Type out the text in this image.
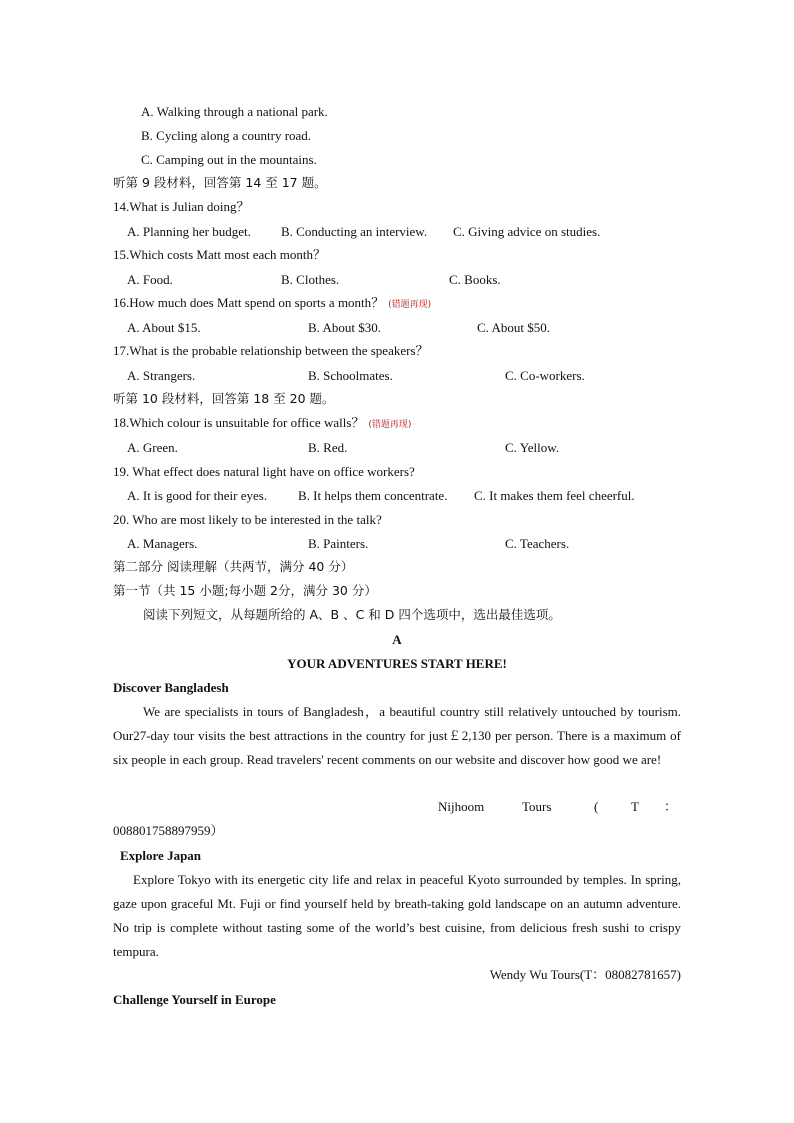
A. Walking through a national park.
B. Cycling along a country road.
C. Camping out in the mountains.
听第 9 段材料，回答第 14 至 17 题。
14.What is Julian doing？
A. Planning her budget. B. Conducting an interview. C. Giving advice on studies.
15.Which costs Matt most each month？
A. Food.	B. Clothes.	C. Books.
16.How much does Matt spend on sports a month？ (错题再现)
A. About $15.	B. About $30.	C. About $50.
17.What is the probable relationship between the speakers？
A. Strangers.	B. Schoolmates.	C. Co-workers.
听第 10 段材料，回答第 18 至 20 题。
18.Which colour is unsuitable for office walls？ (错题再现)
A. Green.	B. Red.	C. Yellow.
19. What effect does natural light have on office workers?
A. It is good for their eyes. B. It helps them concentrate. C. It makes them feel cheerful.
20. Who are most likely to be interested in the talk?
A. Managers.	B. Painters.	C. Teachers.
第二部分 阅读理解（共两节，满分 40 分）
第一节（共 15 小题;每小题 2分，满分 30 分）
阅读下列短文，从每题所给的 A、B 、C 和 D 四个选项中，选出最佳选项。
A
YOUR ADVENTURES START HERE!
Discover Bangladesh

We are specialists in tours of Bangladesh，a beautiful country still relatively untouched by tourism. Our27-day tour visits the best attractions in the country for just￡2,130 per person. There is a maximum of six people in each group. Read travelers' recent comments on our website and discover how good we are!

Nijhoom	Tours	(	T ：
008801758897959）
Explore Japan

Explore Tokyo with its energetic city life and relax in peaceful Kyoto surrounded by temples. In spring, gaze upon graceful Mt. Fuji or find yourself held by breath-taking gold landscape on an autumn adventure. No trip is complete without tasting some of the world’s best cuisine, from delicious fresh sushi to crispy tempura.

Wendy Wu Tours(T：08082781657)
Challenge Yourself in Europe
